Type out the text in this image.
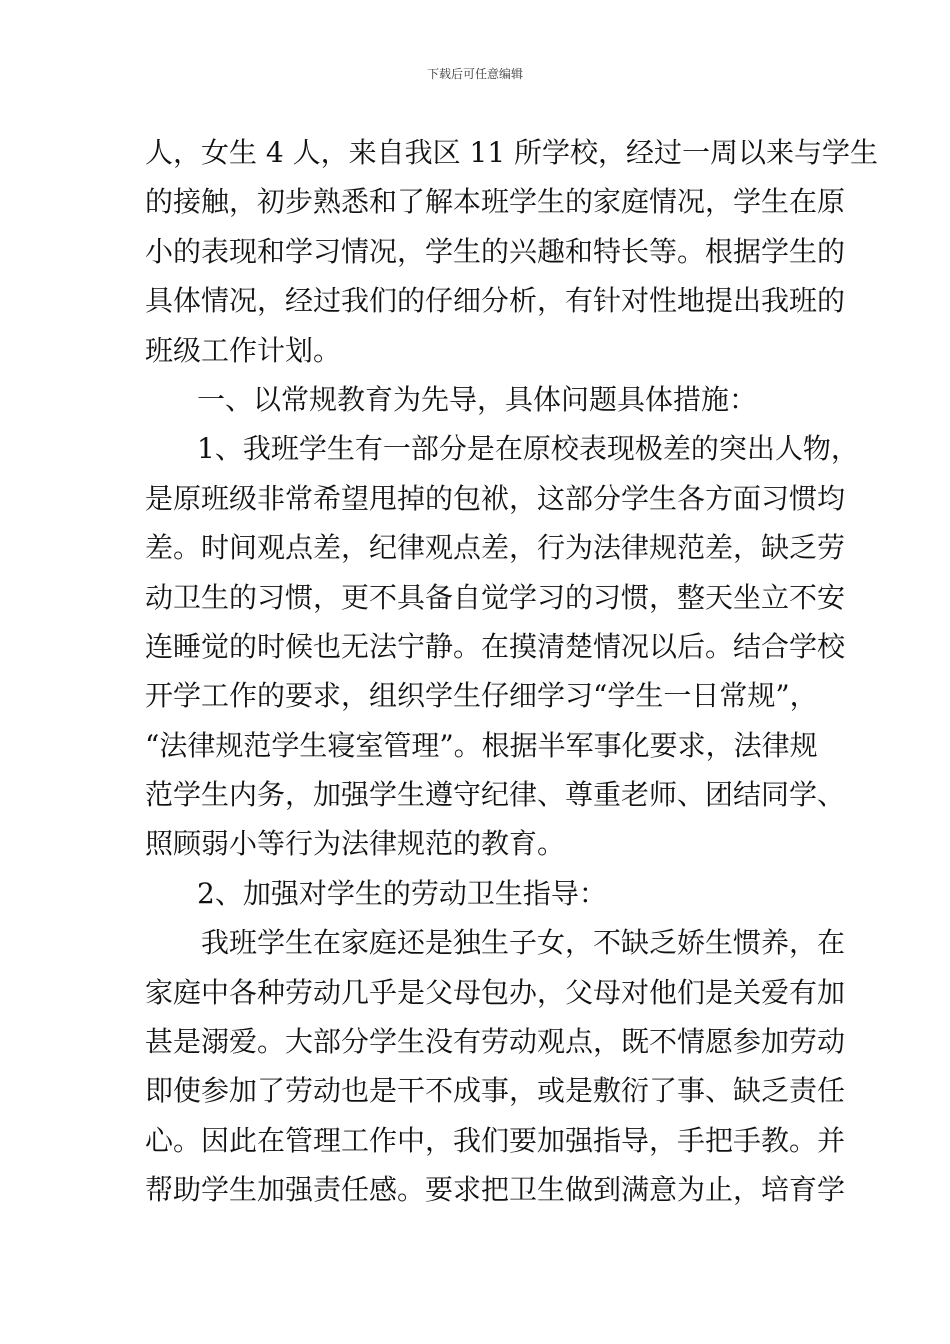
下载后可任意编辑
人，女生 4 人，来自我区 11 所学校，经过一周以来与学生
的接触，初步熟悉和了解本班学生的家庭情况，学生在原
小的表现和学习情况，学生的兴趣和特长等。根据学生的
具体情况，经过我们的仔细分析，有针对性地提出我班的
班级工作计划。
一、以常规教育为先导，具体问题具体措施：
1、我班学生有一部分是在原校表现极差的突出人物，
是原班级非常希望甩掉的包袱，这部分学生各方面习惯均
差。时间观点差，纪律观点差，行为法律规范差，缺乏劳
动卫生的习惯，更不具备自觉学习的习惯，整天坐立不安
连睡觉的时候也无法宁静。在摸清楚情况以后。结合学校
开学工作的要求，组织学生仔细学习“学生一日常规”，
“法律规范学生寝室管理”。根据半军事化要求，法律规
范学生内务，加强学生遵守纪律、尊重老师、团结同学、
照顾弱小等行为法律规范的教育。
2、加强对学生的劳动卫生指导：
我班学生在家庭还是独生子女，不缺乏娇生惯养，在
家庭中各种劳动几乎是父母包办，父母对他们是关爱有加
甚是溺爱。大部分学生没有劳动观点，既不情愿参加劳动
即使参加了劳动也是干不成事，或是敷衍了事、缺乏责任
心。因此在管理工作中，我们要加强指导，手把手教。并
帮助学生加强责任感。要求把卫生做到满意为止，培育学
